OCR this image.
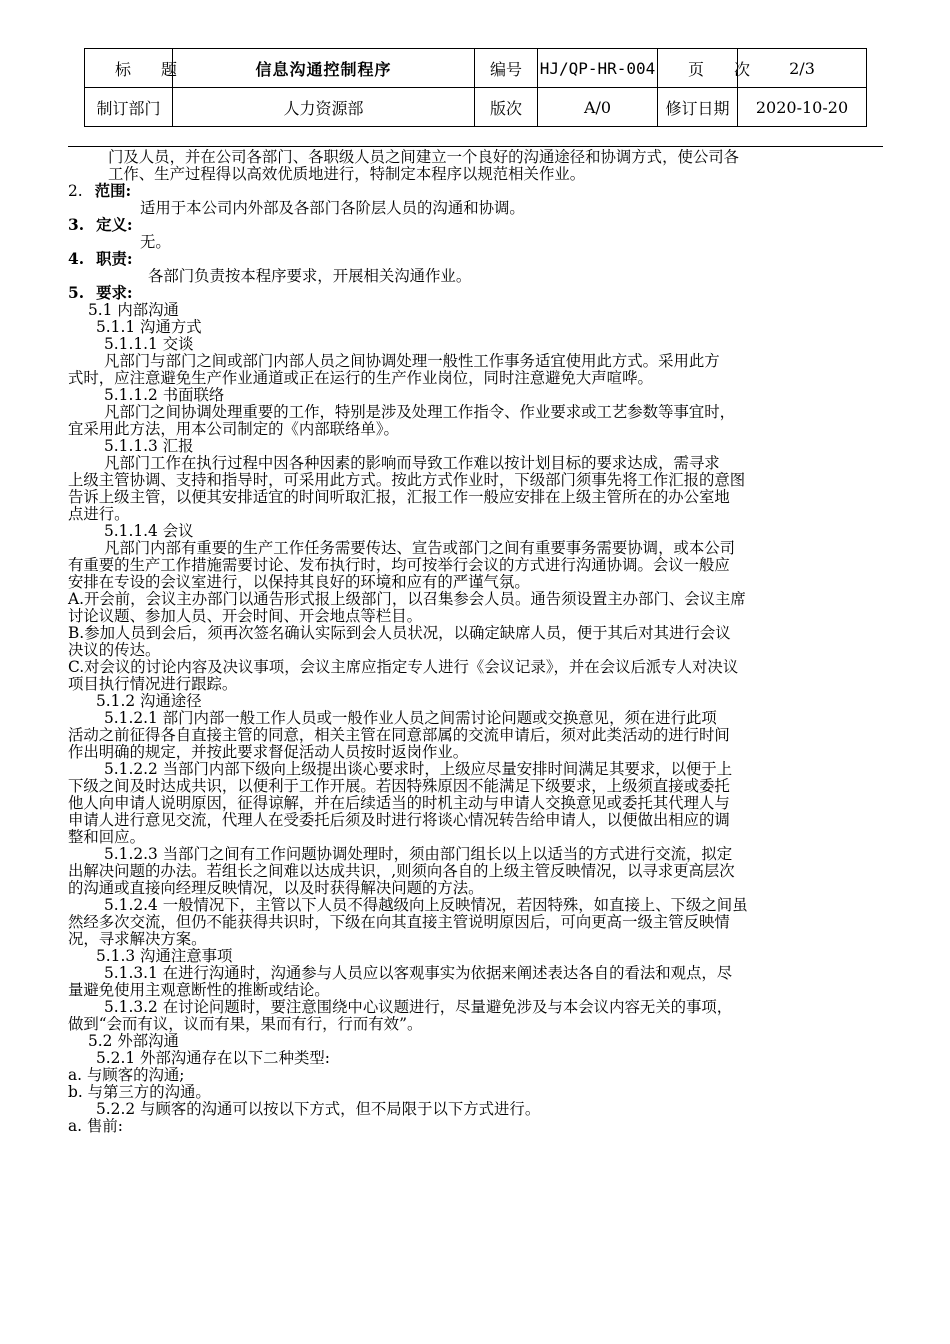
标题	信息沟通控制程序	编号	HJ/QP-HR-004	页次	2/3
制订部门	人力资源部	版次	A/0	修订日期	2020-10-20

门及人员，并在公司各部门、各职级人员之间建立一个良好的沟通途径和协调方式，使公司各

工作、生产过程得以高效优质地进行，特制定本程序以规范相关作业。

2. 范围:

适用于本公司内外部及各部门各阶层人员的沟通和协调。

3. 定义:

无。

4. 职责:

各部门负责按本程序要求，开展相关沟通作业。

5. 要求:

5.1 内部沟通

5.1.1 沟通方式

5.1.1.1 交谈

凡部门与部门之间或部门内部人员之间协调处理一般性工作事务适宜使用此方式。采用此方

式时，应注意避免生产作业通道或正在运行的生产作业岗位，同时注意避免大声喧哗。

5.1.1.2 书面联络

凡部门之间协调处理重要的工作，特别是涉及处理工作指令、作业要求或工艺参数等事宜时，

宜采用此方法，用本公司制定的《内部联络单》。

5.1.1.3 汇报

凡部门工作在执行过程中因各种因素的影响而导致工作难以按计划目标的要求达成，需寻求

上级主管协调、支持和指导时，可采用此方式。按此方式作业时，下级部门须事先将工作汇报的意图

告诉上级主管，以便其安排适宜的时间听取汇报，汇报工作一般应安排在上级主管所在的办公室地

点进行。

5.1.1.4 会议

凡部门内部有重要的生产工作任务需要传达、宣告或部门之间有重要事务需要协调，或本公司

有重要的生产工作措施需要讨论、发布执行时，均可按举行会议的方式进行沟通协调。会议一般应

安排在专设的会议室进行，以保持其良好的环境和应有的严谨气氛。

A.开会前，会议主办部门以通告形式报上级部门，以召集参会人员。通告须设置主办部门、会议主席

讨论议题、参加人员、开会时间、开会地点等栏目。

B.参加人员到会后，须再次签名确认实际到会人员状况，以确定缺席人员，便于其后对其进行会议

决议的传达。

C.对会议的讨论内容及决议事项，会议主席应指定专人进行《会议记录》，并在会议后派专人对决议

项目执行情况进行跟踪。

5.1.2 沟通途径

5.1.2.1 部门内部一般工作人员或一般作业人员之间需讨论问题或交换意见，须在进行此项

活动之前征得各自直接主管的同意，相关主管在同意部属的交流申请后，须对此类活动的进行时间

作出明确的规定，并按此要求督促活动人员按时返岗作业。

5.1.2.2 当部门内部下级向上级提出谈心要求时，上级应尽量安排时间满足其要求，以便于上

下级之间及时达成共识，以便利于工作开展。若因特殊原因不能满足下级要求，上级须直接或委托

他人向申请人说明原因，征得谅解，并在后续适当的时机主动与申请人交换意见或委托其代理人与

申请人进行意见交流，代理人在受委托后须及时进行将谈心情况转告给申请人，以便做出相应的调

整和回应。

5.1.2.3 当部门之间有工作问题协调处理时，须由部门组长以上以适当的方式进行交流，拟定

出解决问题的办法。若组长之间难以达成共识，,则须向各自的上级主管反映情况，以寻求更高层次

的沟通或直接向经理反映情况，以及时获得解决问题的方法。

5.1.2.4 一般情况下，主管以下人员不得越级向上反映情况，若因特殊，如直接上、下级之间虽

然经多次交流，但仍不能获得共识时，下级在向其直接主管说明原因后，可向更高一级主管反映情

况，寻求解决方案。

5.1.3 沟通注意事项

5.1.3.1 在进行沟通时，沟通参与人员应以客观事实为依据来阐述表达各自的看法和观点，尽

量避免使用主观意断性的推断或结论。

5.1.3.2 在讨论问题时，要注意围绕中心议题进行，尽量避免涉及与本会议内容无关的事项，

做到“会而有议，议而有果，果而有行，行而有效”。

5.2 外部沟通

5.2.1 外部沟通存在以下二种类型:

a. 与顾客的沟通;

b. 与第三方的沟通。

5.2.2 与顾客的沟通可以按以下方式，但不局限于以下方式进行。

a. 售前:
